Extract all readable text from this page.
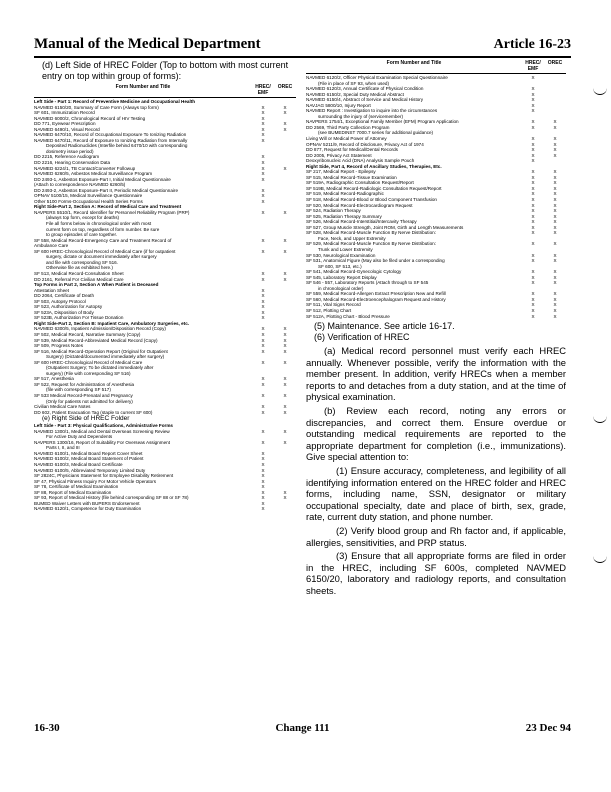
Manual of the Medical Department	Article 16-23
(d) Left Side of HREC Folder (Top to bottom with most current entry on top within group of forms):
Form Number and Title	HREC/ EMF
OREC
Left Side - Part 1: Record of Preventive Medicine and Occupational Health
NAVMED 6150/20, Summary of Care Form (Always top form)	X	X
SF 601, Immunization Record	X	X
NAVMED 6000/2, Chronological Record of HIV Testing	X
DD 771, Eyewear Prescription	X	X
NAVMED 6490/1, Visual Record	X	X
NAVMED 6470/10, Record of Occupational Exposure To Ionizing Radiation	X
NAVMED 6470/11, Record of Exposure to Ionizing Radiation from Internally	X
Deposited Radionuclides (Interfile behind 6470/10 with corresponding
dosimetry issue period)
DD 2215, Reference Audiogram	X
DD 2216, Hearing Conservation Data	X
NAVMED 6224/1, TB Contact/Converter Followup	X	X
NAVMED 6260/5, Asbestos Medical Surveillance Program	X
DD 2493-1, Asbestos Exposure-Part I, Initial Medical Questionnaire	X
(Attach to correspondence NAVMED 6260/5)
DD 2493-2, Asbestos Exposure-Part II, Periodic Medical Questionnaire	X
OPNAV 5100/15, Medical Surveillance Questionnaire	X
Other 5100 Forms-Occupational Health Series Forms	X
Right Side-Part 2, Section A: Record of Medical Care and Treatment
NAVPERS 5510/1, Record Identifier for Personnel Reliability Program (PRP)	X	X
(always top form, except for deaths)
File all forms below in chronological order with most
current form on top, regardless of form number. Be sure
to group episodes of care together.
SF 558, Medical Record-Emergency Care and Treatment Record of	X	X
Ambulance Care
SF 600 HREC-Chronological Record of Medical Care (if for outpatient	X	X
surgery, dictate or document immediately after surgery
and file with corresponding SF 516.
Otherwise file as exhibited here.)
SF 513, Medical Record-Consultation Sheet	X	X
DD 2161, Referral For Civilian Medical Care	X	X
Top Forms in Part 2, Section A When Patient is Deceased
Attestation Sheet	X
DD 2064, Certificate of Death	X
SF 503, Autopsy Protocol	X
SF 523, Authorization for Autopsy	X
SF 523A, Disposition of Body	X
SF 523B, Authorization For Tissue Donation	X
Right Side-Part 2, Section B: Inpatient Care, Ambulatory Surgeries, etc.
NAVMED 6300/5, Inpatient Admission/Disposition Record (Copy)	X	X
SF 502, Medical Record, Narrative Summary (Copy)	X	X
SF 539, Medical Record-Abbreviated Medical Record (Copy)	X	X
SF 509, Progress Notes	X	X
SF 516, Medical Record-Operation Report (Original for Outpatient	X	X
Surgery) (Dictated/documented immediately after surgery)
SF 600 HREC-Chronological Record of Medical Care	X	X
(Outpatient Surgery; To be dictated immediately after
surgery) (File with corresponding SF 516)
SF 517, Anesthesia	X	X
SF 522, Request for Administration of Anesthesia	X	X
(file with corresponding SF 517)
SF 533 Medical Record-Prenatal and Pregnancy	X	X
(Only for patients not admitted for delivery)
Civilian Medical Care Notes	X	X
DD 602, Patient Evacuation Tag (staple to current SF 600)	X	X
(e) Right Side of HREC Folder
Left Side - Part 3: Physical Qualifications, Administrative Forms
NAVMED 1300/1, Medical and Dental Overseas Screening Review	X	X
For Active Duty and Dependents
NAVPERS 1300/16, Report of Suitability For Overseas Assignment	X	X
Parts I, II, and III
NAVMED 6100/1, Medical Board Report Cover Sheet	X
NAVMED 6100/2, Medical Board Statement of Patient	X
NAVMED 6100/3, Medical Board Certificate	X
NAVMED 6100/5, Abbreviated Temporary Limited Duty	X
SF 2824C, Physicians Statement for Employee Disability Retirement	X
SF 47, Physical Fitness Inquiry For Motor Vehicle Operators	X
SF 78, Certificate of Medical Examination	X
SF 88, Report of Medical Examination	X	X
SF 93, Report of Medical History (file behind corresponding SF 88 or SF 78)	X	X
BUMED Waiver Letters with BUPERS Endorsement	X
NAVMED 6120/1, Competence for Duty Examination	X
Form Number and Title	HREC/ EMF
OREC
NAVMED 6120/2, Officer Physical Examination Special Questionnaire	X
(File in place of SF 93, when used)
NAVMED 6120/3, Annual Certificate of Physical Condition	X
NAVMED 6150/2, Special Duty Medical Abstract	X
NAVMED 6150/4, Abstract of Service and Medical History	X
NAVJAG 5800/10, Injury Report	X
NAVMED Report : Investigation to inquire into the circumstances	X
surrounding the injury of (servicemember)
NAVPERS 1754/1, Exceptional Family Member (EFM) Program Application	X	X
DD 2569, Third Party Collection Program	X	X
(see BUMEDINST 7000.7 series for additional guidance)
Living Will or Medical Power of Attorney	X	X
OPNAV 5211/9, Record of Disclosure, Privacy Act of 1974	X	X
DD 877, Request for Medical/Dental Records	X	X
DD 2005, Privacy Act Statement	X	X
Deoxyribonucleic Acid (DNA) Analysis Sample Pouch	X
Right Side, Part 4, Record of Ancillary Studies, Therapies, Etc.
SF 217, Medical Report - Epilepsy	X	X
SF 515, Medical Record-Tissue Examination	X	X
SF 519A, Radiographic Consultation Request/Report	X	X
SF 519B, Medical Record-Radiologic Consultation Request/Report	X	X
SF 519, Medical Record-Radiographic	X	X
SF 518, Medical Record-Blood or Blood Component Transfusion	X	X
SF 520, Medical Record-Electrocardiogram Request	X	X
SF 524, Radiation Therapy	X	X
SF 525, Radiation Therapy Summary	X	X
SF 526, Medical Record-Interstitial/Intercavity Therapy	X	X
SF 527, Group Muscle Strength, Joint ROM, Girth and Length Measurements	X	X
SF 528, Medical Record-Muscle Function By Nerve Distribution:	X	X
Face, Neck, and Upper Extremity
SF 529, Medical Record-Muscle Function By Nerve Distribution:	X	X
Trunk and Lower Extremity
SF 530, Neurological Examination	X	X
SF 531, Anatomical Figure (May also be filed under a corresponding	X	X
SF 600, SF 513, etc.)
SF 541, Medical Record-Gynecologic Cytology	X	X
SF 545, Laboratory Report Display	X	X
SF 546 - 557, Laboratory Reports (Attach through to SF 545	X	X
in chronological order)
SF 559, Medical Record-Allergen Extract Prescription New and Refill	X	X
SF 560, Medical Record-Electroencephalogram Request and History	X	X
SF 511, Vital Signs Record	X	X
SF 512, Plotting Chart	X	X
SF 512A, Plotting Chart - Blood Pressure	X	X
(5) Maintenance. See article 16-17.
(6) Verification of HREC

(a) Medical record personnel must verify each HREC annually. Whenever possible, verify the information with the member present. In addition, verify HRECs when a member reports to and detaches from a duty station, and at the time of physical examination.

(b) Review each record, noting any errors or discrepancies, and correct them. Ensure overdue or outstanding medical requirements are reported to the appropriate department for completion (i.e., immunizations). Give special attention to:

(1) Ensure accuracy, completeness, and legibility of all identifying information entered on the HREC folder and HREC forms, including name, SSN, designator or military occupational specialty, date and place of birth, sex, grade, rate, current duty station, and phone number.

(2) Verify blood group and Rh factor and, if applicable, allergies, sensitivities, and PRP status.

(3) Ensure that all appropriate forms are filed in order in the HREC, including SF 600s, completed NAVMED 6150/20, laboratory and radiology reports, and consultation sheets.

16-30	Change 111	23 Dec 94
